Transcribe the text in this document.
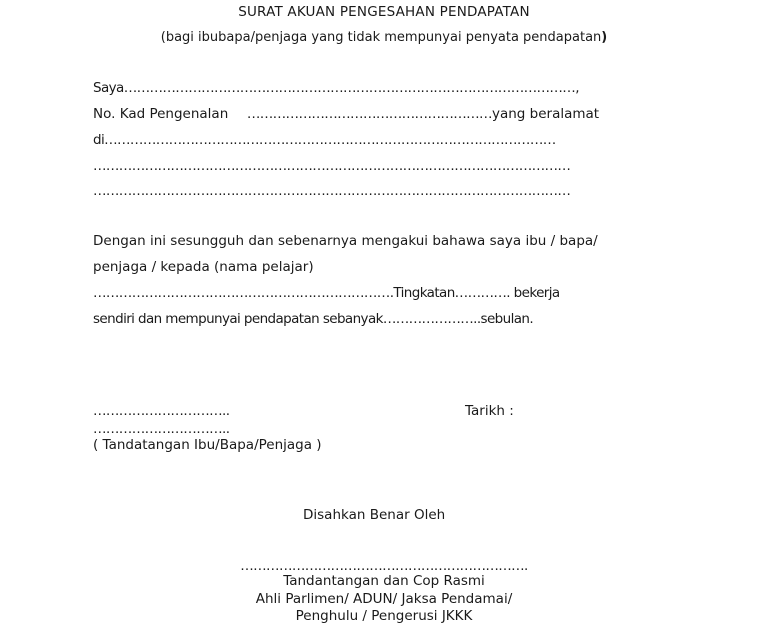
SURAT AKUAN PENGESAHAN PENDAPATAN
(bagi ibubapa/penjaga yang tidak mempunyai penyata pendapatan)
Saya……………………………………………………………………………………………,
No. Kad Pengenalan …………………………………………………yang beralamat
di……………………………………………………………………………………………
…………………………………………………………………………………………………
…………………………………………………………………………………………………
Dengan ini sesungguh dan sebenarnya mengakui bahawa saya ibu / bapa/
penjaga / kepada (nama pelajar)
…………………………………………………………….Tingkatan…………. bekerja
sendiri dan mempunyai pendapatan sebanyak…………………..sebulan.
…………………………..	Tarikh :
…………………………..
( Tandatangan Ibu/Bapa/Penjaga )
Disahkan Benar Oleh
………………………………………………………….
Tandantangan dan Cop Rasmi
Ahli Parlimen/ ADUN/ Jaksa Pendamai/
Penghulu / Pengerusi JKKK
